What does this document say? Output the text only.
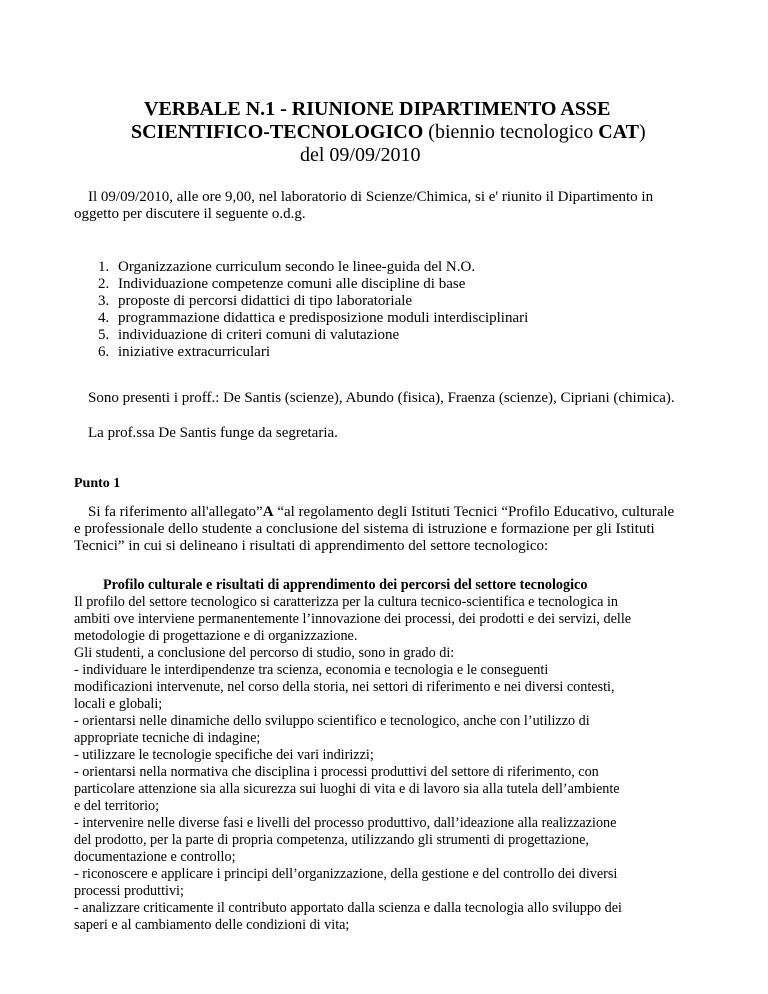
VERBALE N.1 - RIUNIONE DIPARTIMENTO ASSE
SCIENTIFICO-TECNOLOGICO (biennio tecnologico CAT)
del 09/09/2010
Il 09/09/2010, alle ore 9,00, nel laboratorio di Scienze/Chimica, si e' riunito il Dipartimento in
oggetto per discutere il seguente o.d.g.
1. Organizzazione curriculum secondo le linee-guida del N.O.
2. Individuazione competenze comuni alle discipline di base
3. proposte di percorsi didattici di tipo laboratoriale
4. programmazione didattica e predisposizione moduli interdisciplinari
5. individuazione di criteri comuni di valutazione
6. iniziative extracurriculari
Sono presenti i proff.: De Santis (scienze), Abundo (fisica), Fraenza (scienze), Cipriani (chimica).
La prof.ssa De Santis funge da segretaria.
Punto 1
Si fa riferimento all'allegato”A “al regolamento degli Istituti Tecnici “Profilo Educativo, culturale
e professionale dello studente a conclusione del sistema di istruzione e formazione per gli Istituti
Tecnici” in cui si delineano i risultati di apprendimento del settore tecnologico:

Profilo culturale e risultati di apprendimento dei percorsi del settore tecnologico

Il profilo del settore tecnologico si caratterizza per la cultura tecnico-scientifica e tecnologica in

ambiti ove interviene permanentemente l’innovazione dei processi, dei prodotti e dei servizi, delle

metodologie di progettazione e di organizzazione.

Gli studenti, a conclusione del percorso di studio, sono in grado di:

- individuare le interdipendenze tra scienza, economia e tecnologia e le conseguenti

modificazioni intervenute, nel corso della storia, nei settori di riferimento e nei diversi contesti,

locali e globali;

- orientarsi nelle dinamiche dello sviluppo scientifico e tecnologico, anche con l’utilizzo di

appropriate tecniche di indagine;

- utilizzare le tecnologie specifiche dei vari indirizzi;

- orientarsi nella normativa che disciplina i processi produttivi del settore di riferimento, con

particolare attenzione sia alla sicurezza sui luoghi di vita e di lavoro sia alla tutela dell’ambiente

e del territorio;

- intervenire nelle diverse fasi e livelli del processo produttivo, dall’ideazione alla realizzazione

del prodotto, per la parte di propria competenza, utilizzando gli strumenti di progettazione,

documentazione e controllo;

- riconoscere e applicare i principi dell’organizzazione, della gestione e del controllo dei diversi

processi produttivi;

- analizzare criticamente il contributo apportato dalla scienza e dalla tecnologia allo sviluppo dei

saperi e al cambiamento delle condizioni di vita;
